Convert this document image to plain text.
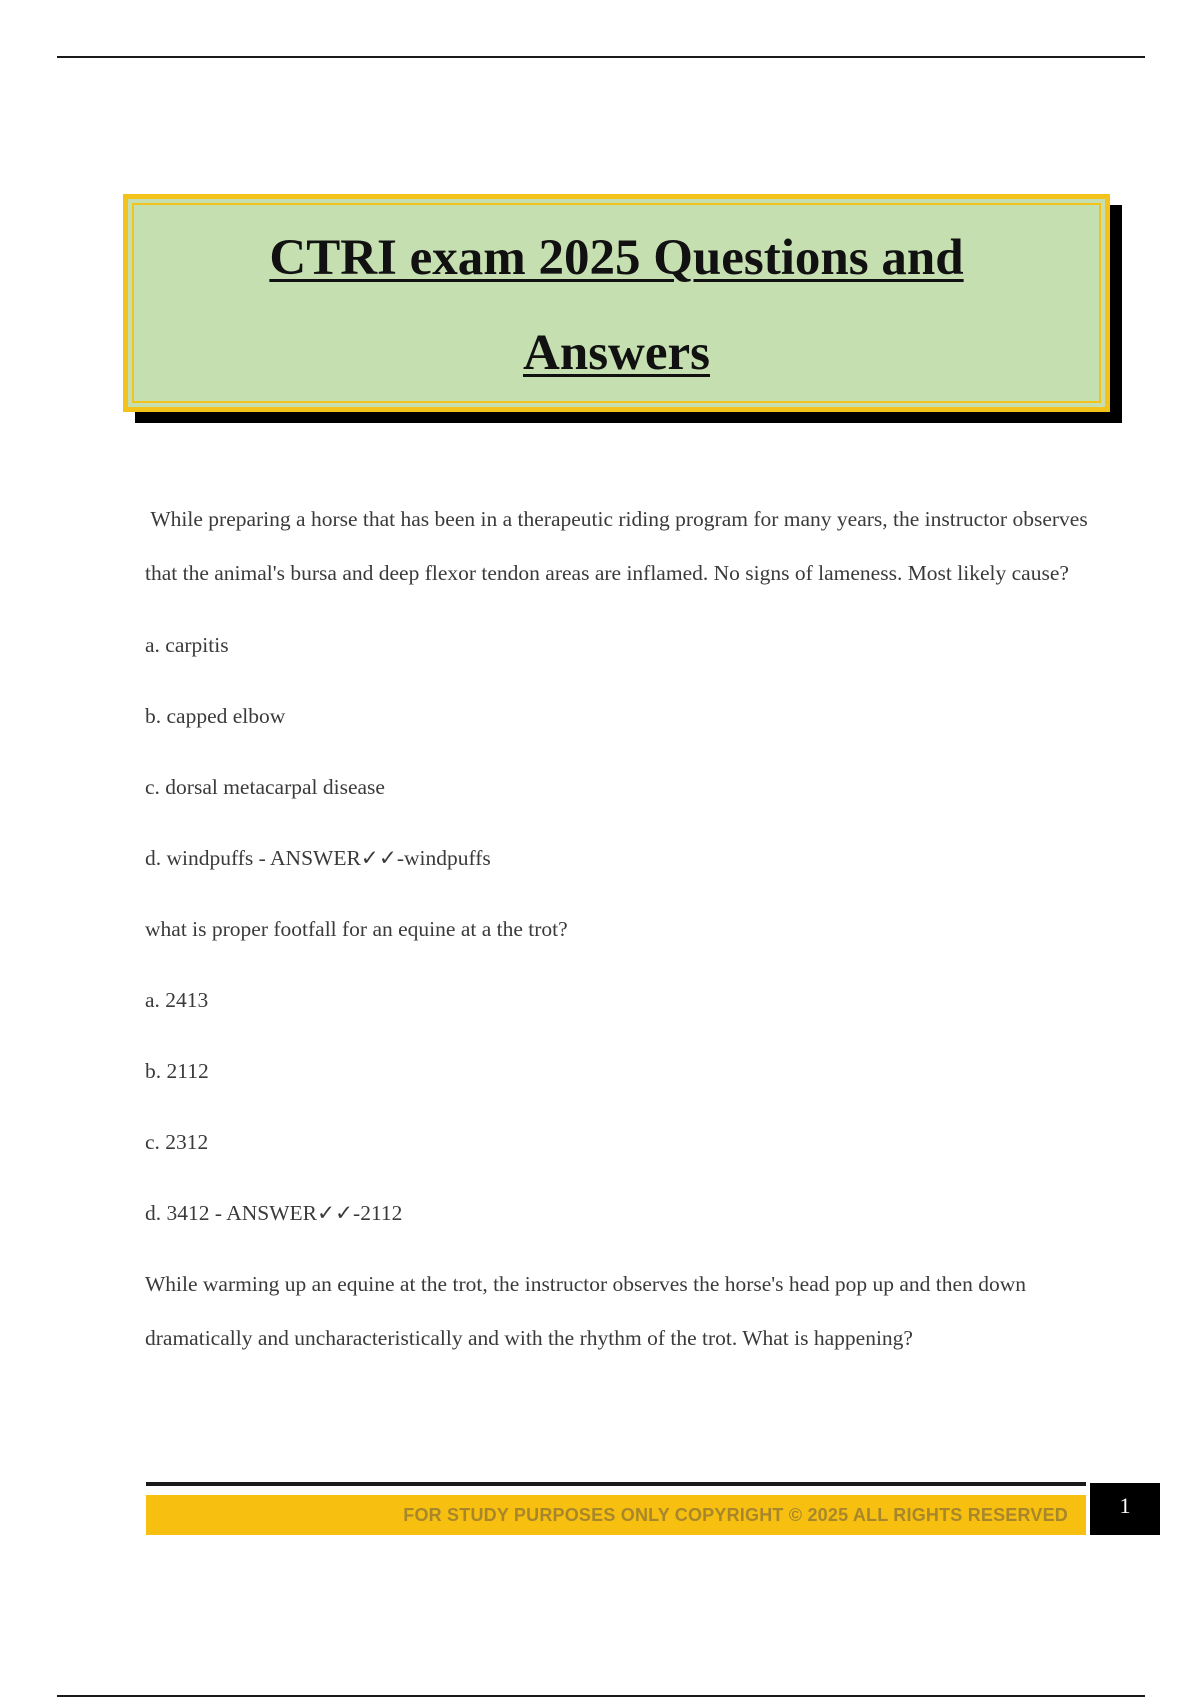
CTRI exam 2025 Questions and
Answers

While preparing a horse that has been in a therapeutic riding program for many years, the instructor observes that the animal's bursa and deep flexor tendon areas are inflamed. No signs of lameness. Most likely cause?

a. carpitis

b. capped elbow

c. dorsal metacarpal disease

d. windpuffs - ANSWER✓✓-windpuffs

what is proper footfall for an equine at a the trot?

a. 2413

b. 2112

c. 2312

d. 3412 - ANSWER✓✓-2112

While warming up an equine at the trot, the instructor observes the horse's head pop up and then down dramatically and uncharacteristically and with the rhythm of the trot. What is happening?

FOR STUDY PURPOSES ONLY COPYRIGHT © 2025 ALL RIGHTS RESERVED	1
